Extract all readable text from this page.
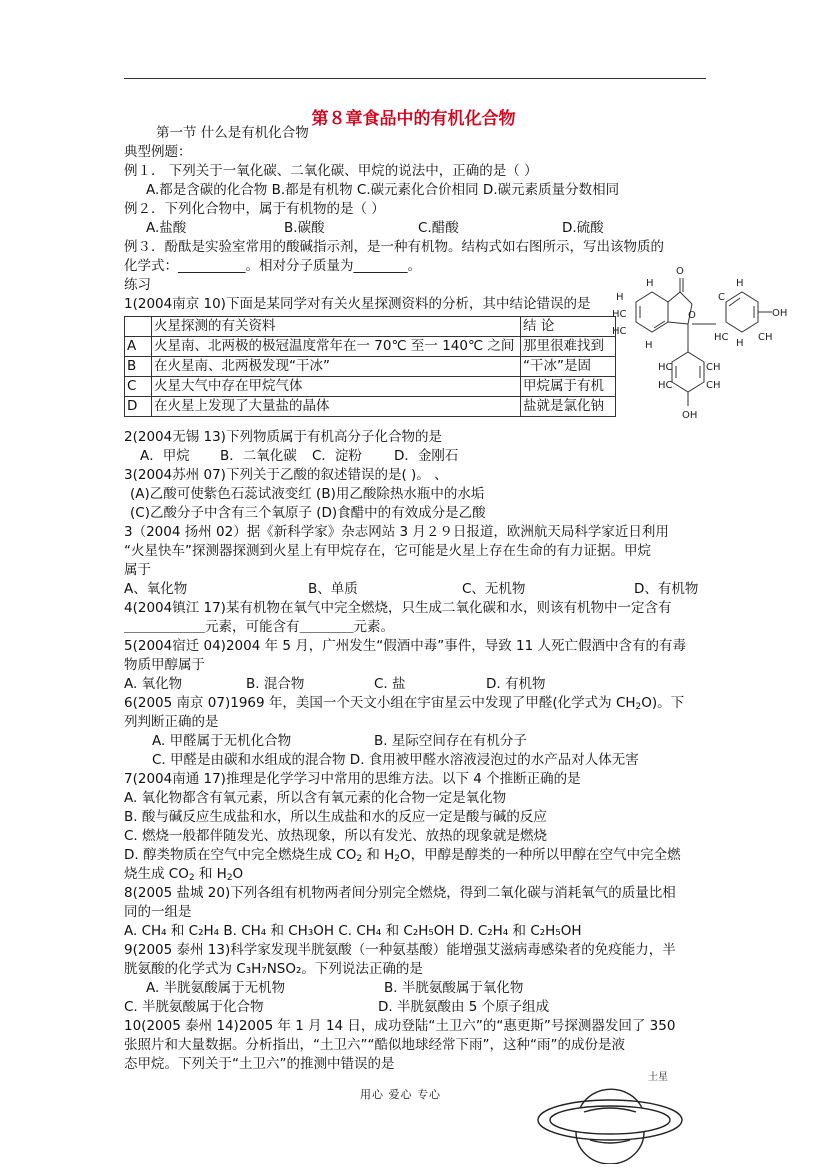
第８章食品中的有机化合物
第一节 什么是有机化合物
典型例题：
例１． 下列关于一氧化碳、二氧化碳、甲烷的说法中，正确的是（ ）
A.都是含碳的化合物 B.都是有机物 C.碳元素化合价相同 D.碳元素质量分数相同
例２．下列化合物中，属于有机物的是（ ）
A.盐酸	B.碳酸	C.醋酸	D.硫酸
例３．酚酞是实验室常用的酸碱指示剂，是一种有机物。结构式如右图所示，写出该物质的
化学式：__________。相对分子质量为________。
练习
1(2004南京 10)下面是某同学对有关火星探测资料的分析，其中结论错误的是
	火星探测的有关资料	结 论
A	火星南、北两极的极冠温度常年在一 70℃ 至一 140℃ 之间	那里很难找到
B	在火星南、北两极发现“干冰”	“干冰”是固
C	火星大气中存在甲烷气体	甲烷属于有机
D	在火星上发现了大量盐的晶体	盐就是氯化钠
H
H
HC
HC
H
O
O
H
C
OH
HC	CH
H
HC	CH
HC	CH
OH
2(2004无锡 13)下列物质属于有机高分子化合物的是
A．甲烷 B．二氧化碳 C．淀粉 D．金刚石
3(2004苏州 07)下列关于乙酸的叙述错误的是( )。 、
(A)乙酸可使紫色石蕊试液变红 (B)用乙酸除热水瓶中的水垢
(C)乙酸分子中含有三个氧原子 (D)食醋中的有效成分是乙酸
3（2004 扬州 02）据《新科学家》杂志网站 3 月２９日报道，欧洲航天局科学家近日利用
“火星快车”探测器探测到火星上有甲烷存在，它可能是火星上存在生命的有力证据。甲烷
属于
A、氧化物	B、单质	C、无机物	D、有机物
4(2004镇江 17)某有机物在氧气中完全燃烧，只生成二氧化碳和水，则该有机物中一定含有
＿＿＿＿＿＿元素，可能含有＿＿＿＿元素。
5(2004宿迁 04)2004 年 5 月，广州发生“假酒中毒”事件，导致 11 人死亡假酒中含有的有毒
物质甲醇属于
A. 氧化物	B. 混合物	C. 盐	D. 有机物
6(2005 南京 07)1969 年，美国一个天文小组在宇宙星云中发现了甲醛(化学式为 $CH_2O$)。下
列判断正确的是
A. 甲醛属于无机化合物	B. 星际空间存在有机分子
C. 甲醛是由碳和水组成的混合物 D. 食用被甲醛水溶液浸泡过的水产品对人体无害
7(2004南通 17)推理是化学学习中常用的思维方法。以下 4 个推断正确的是
A. 氧化物都含有氧元素，所以含有氧元素的化合物一定是氧化物
B. 酸与碱反应生成盐和水，所以生成盐和水的反应一定是酸与碱的反应
C. 燃烧一般都伴随发光、放热现象，所以有发光、放热的现象就是燃烧
D. 醇类物质在空气中完全燃烧生成 $CO_2$ 和 $H_2O$，甲醇是醇类的一种所以甲醇在空气中完全燃
烧生成 $CO_2$ 和 $H_2O$
8(2005 盐城 20)下列各组有机物两者间分别完全燃烧，得到二氧化碳与消耗氧气的质量比相
同的一组是
A. CH₄ 和 C₂H₄ B. CH₄ 和 CH₃OH C. CH₄ 和 C₂H₅OH D. C₂H₄ 和 C₂H₅OH
9(2005 泰州 13)科学家发现半胱氨酸（一种氨基酸）能增强艾滋病毒感染者的免疫能力，半
胱氨酸的化学式为 C₃H₇NSO₂。下列说法正确的是
A. 半胱氨酸属于无机物	B. 半胱氨酸属于氧化物
C. 半胱氨酸属于化合物	D. 半胱氨酸由 5 个原子组成
10(2005 泰州 14)2005 年 1 月 14 日，成功登陆“土卫六”的“惠更斯”号探测器发回了 350
张照片和大量数据。分析指出，“土卫六”“酷似地球经常下雨”，这种“雨”的成份是液
态甲烷。下列关于“土卫六”的推测中错误的是
土星
用心 爱心 专心
